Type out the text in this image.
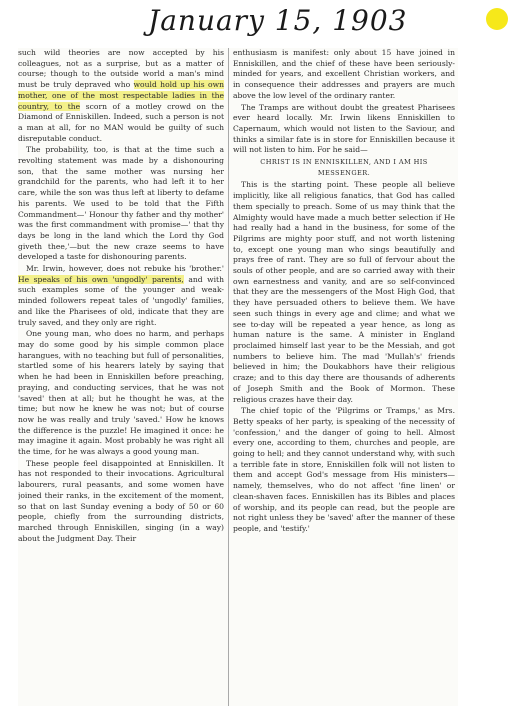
January 15, 1903

such wild theories are now accepted by his colleagues, not as a surprise, but as a matter of course; though to the outside world a man's mind must be truly depraved who would hold up his own mother, one of the most respectable ladies in the country, to the scorn of a motley crowd on the Diamond of Enniskillen. Indeed, such a person is not a man at all, for no MAN would be guilty of such disreputable conduct.

The probability, too, is that at the time such a revolting statement was made by a dishonouring son, that the same mother was nursing her grandchild for the parents, who had left it to her care, while the son was thus left at liberty to defame his parents. We used to be told that the Fifth Commandment—' Honour thy father and thy mother' was the first commandment with promise—' that thy days be long in the land which the Lord thy God giveth thee,'—but the new craze seems to have developed a taste for dishonouring parents.

Mr. Irwin, however, does not rebuke his 'brother.' He speaks of his own 'ungodly' parents, and with such examples some of the younger and weak-minded followers repeat tales of 'ungodly' families, and like the Pharisees of old, indicate that they are truly saved, and they only are right.

One young man, who does no harm, and perhaps may do some good by his simple common place harangues, with no teaching but full of personalities, startled some of his hearers lately by saying that when he had been in Enniskillen before preaching, praying, and conducting services, that he was not 'saved' then at all; but he thought he was, at the time; but now he knew he was not; but of course now he was really and truly 'saved.' How he knows the difference is the puzzle! He imagined it once: he may imagine it again. Most probably he was right all the time, for he was always a good young man.

These people feel disappointed at Enniskillen. It has not responded to their invocations. Agricultural labourers, rural peasants, and some women have joined their ranks, in the excitement of the moment, so that on last Sunday evening a body of 50 or 60 people, chiefly from the surrounding districts, marched through Enniskillen, singing (in a way) about the Judgment Day. Their

enthusiasm is manifest: only about 15 have joined in Enniskillen, and the chief of these have been seriously-minded for years, and excellent Christian workers, and in consequence their addresses and prayers are much above the low level of the ordinary ranter.

The Tramps are without doubt the greatest Pharisees ever heard locally. Mr. Irwin likens Enniskillen to Capernaum, which would not listen to the Saviour, and thinks a similar fate is in store for Enniskillen because it will not listen to him. For he said—

CHRIST IS IN ENNISKILLEN, AND I AM HIS MESSENGER.

This is the starting point. These people all believe implicitly, like all religious fanatics, that God has called them specially to preach. Some of us may think that the Almighty would have made a much better selection if He had really had a hand in the business, for some of the Pilgrims are mighty poor stuff, and not worth listening to, except one young man who sings beautifully and prays free of rant. They are so full of fervour about the souls of other people, and are so carried away with their own earnestness and vanity, and are so self-convinced that they are the messengers of the Most High God, that they have persuaded others to believe them. We have seen such things in every age and clime; and what we see to-day will be repeated a year hence, as long as human nature is the same. A minister in England proclaimed himself last year to be the Messiah, and got numbers to believe him. The mad 'Mullah's' friends believed in him; the Doukabhors have their religious craze; and to this day there are thousands of adherents of Joseph Smith and the Book of Mormon. These religious crazes have their day.

The chief topic of the 'Pilgrims or Tramps,' as Mrs. Betty speaks of her party, is speaking of the necessity of 'confession,' and the danger of going to hell. Almost every one, according to them, churches and people, are going to hell; and they cannot understand why, with such a terrible fate in store, Enniskillen folk will not listen to them and accept God's message from His ministers—namely, themselves, who do not affect 'fine linen' or clean-shaven faces. Enniskillen has its Bibles and places of worship, and its people can read, but the people are not right unless they be 'saved' after the manner of these people, and 'testify.'
